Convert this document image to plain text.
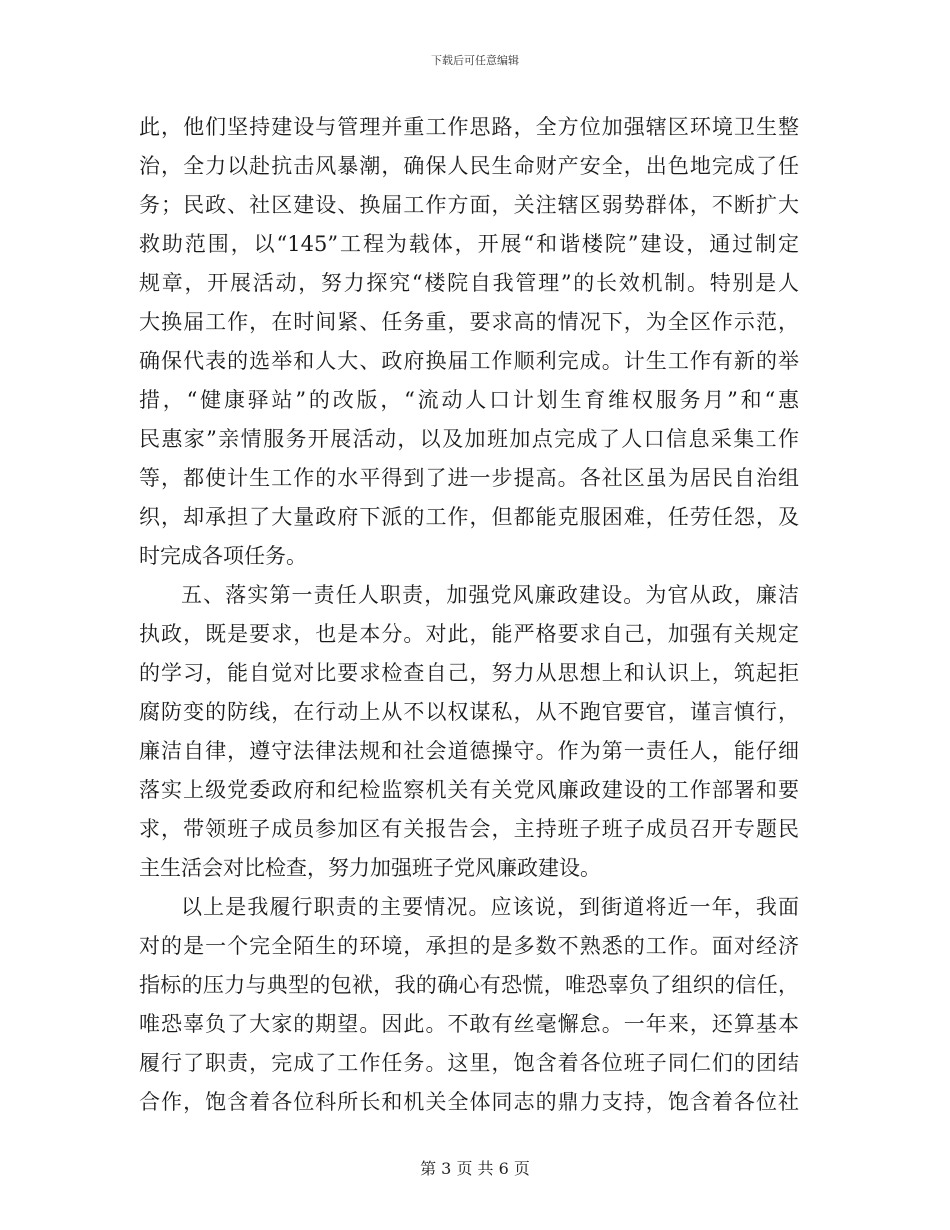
下载后可任意编辑
此，他们坚持建设与管理并重工作思路，全方位加强辖区环境卫生整
治，全力以赴抗击风暴潮，确保人民生命财产安全，出色地完成了任
务；民政、社区建设、换届工作方面，关注辖区弱势群体，不断扩大
救助范围，以“145”工程为载体，开展“和谐楼院”建设，通过制定
规章，开展活动，努力探究“楼院自我管理”的长效机制。特别是人
大换届工作，在时间紧、任务重，要求高的情况下，为全区作示范，
确保代表的选举和人大、政府换届工作顺利完成。计生工作有新的举
措，“健康驿站”的改版，“流动人口计划生育维权服务月”和“惠
民惠家”亲情服务开展活动，以及加班加点完成了人口信息采集工作
等，都使计生工作的水平得到了进一步提高。各社区虽为居民自治组
织，却承担了大量政府下派的工作，但都能克服困难，任劳任怨，及
时完成各项任务。
五、落实第一责任人职责，加强党风廉政建设。为官从政，廉洁
执政，既是要求，也是本分。对此，能严格要求自己，加强有关规定
的学习，能自觉对比要求检查自己，努力从思想上和认识上，筑起拒
腐防变的防线，在行动上从不以权谋私，从不跑官要官，谨言慎行，
廉洁自律，遵守法律法规和社会道德操守。作为第一责任人，能仔细
落实上级党委政府和纪检监察机关有关党风廉政建设的工作部署和要
求，带领班子成员参加区有关报告会，主持班子班子成员召开专题民
主生活会对比检查，努力加强班子党风廉政建设。
以上是我履行职责的主要情况。应该说，到街道将近一年，我面
对的是一个完全陌生的环境，承担的是多数不熟悉的工作。面对经济
指标的压力与典型的包袱，我的确心有恐慌，唯恐辜负了组织的信任，
唯恐辜负了大家的期望。因此。不敢有丝毫懈怠。一年来，还算基本
履行了职责，完成了工作任务。这里，饱含着各位班子同仁们的团结
合作，饱含着各位科所长和机关全体同志的鼎力支持，饱含着各位社
第 3 页 共 6 页
